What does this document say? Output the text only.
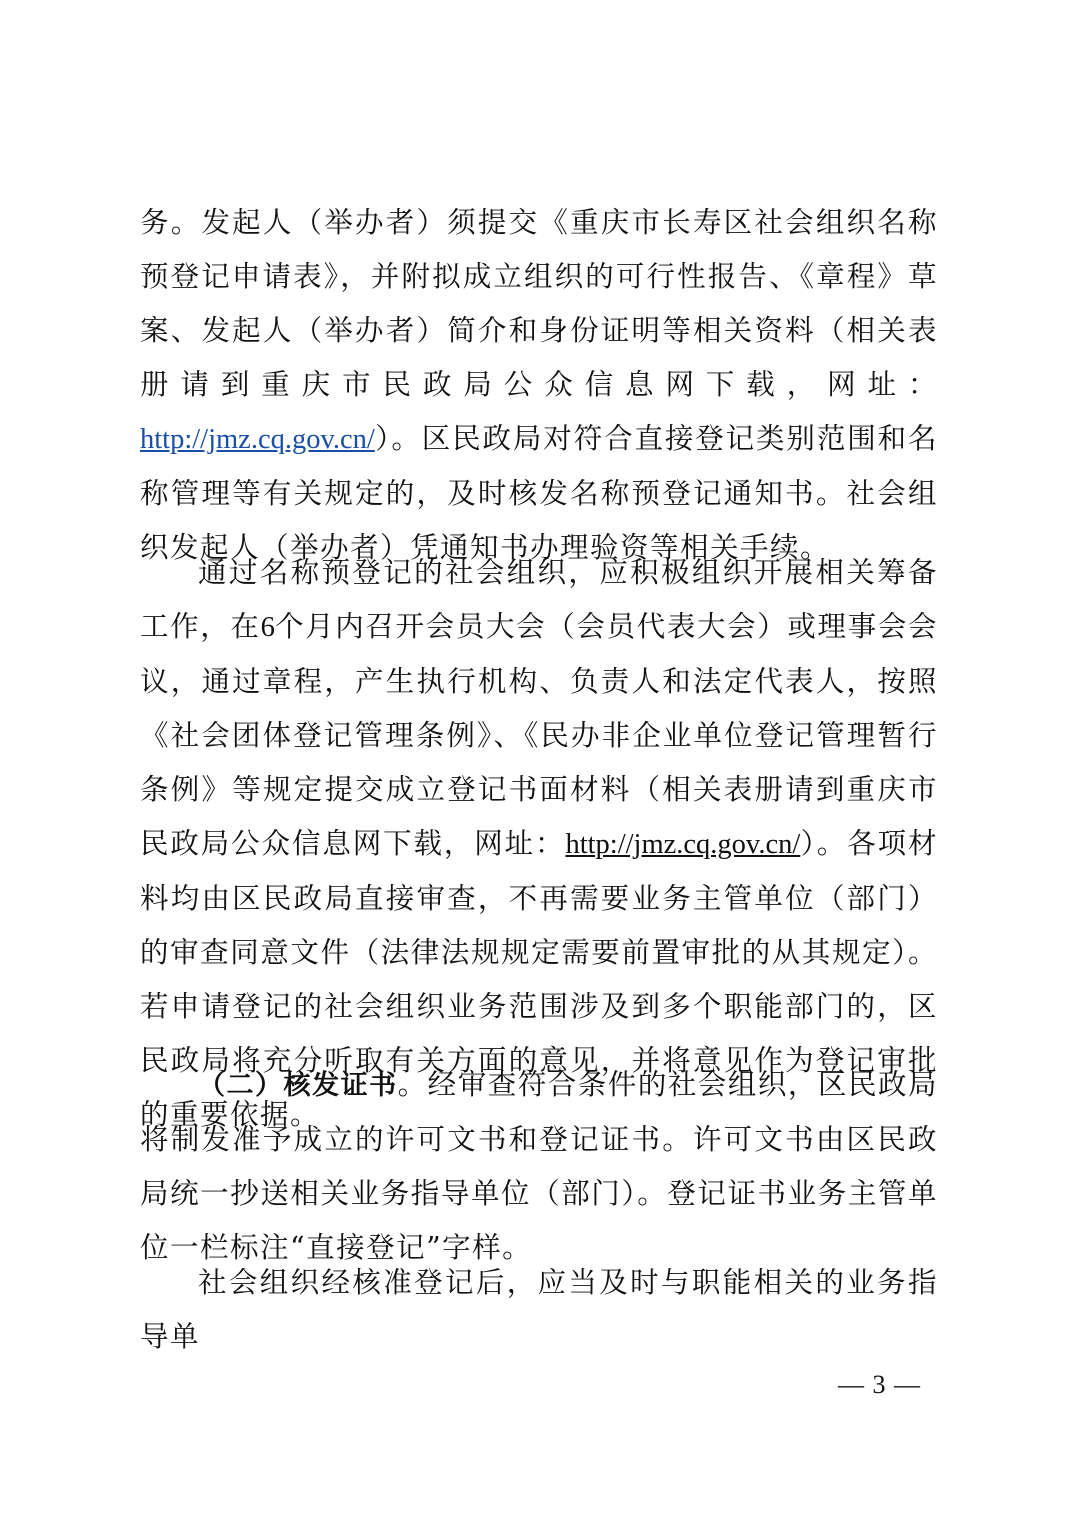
务。发起人（举办者）须提交《重庆市长寿区社会组织名称预登记申请表》，并附拟成立组织的可行性报告、《章程》草案、发起人（举办者）简介和身份证明等相关资料（相关表册请到重庆市民政局公众信息网下载，网址：http://jmz.cq.gov.cn/）。区民政局对符合直接登记类别范围和名称管理等有关规定的，及时核发名称预登记通知书。社会组织发起人（举办者）凭通知书办理验资等相关手续。

通过名称预登记的社会组织，应积极组织开展相关筹备工作，在6个月内召开会员大会（会员代表大会）或理事会会议，通过章程，产生执行机构、负责人和法定代表人，按照《社会团体登记管理条例》、《民办非企业单位登记管理暂行条例》等规定提交成立登记书面材料（相关表册请到重庆市民政局公众信息网下载，网址：http://jmz.cq.gov.cn/）。各项材料均由区民政局直接审查，不再需要业务主管单位（部门）的审查同意文件（法律法规规定需要前置审批的从其规定）。若申请登记的社会组织业务范围涉及到多个职能部门的，区民政局将充分听取有关方面的意见，并将意见作为登记审批的重要依据。

（二）核发证书。经审查符合条件的社会组织，区民政局将制发准予成立的许可文书和登记证书。许可文书由区民政局统一抄送相关业务指导单位（部门）。登记证书业务主管单位一栏标注“直接登记”字样。

社会组织经核准登记后，应当及时与职能相关的业务指导单

— 3 —
